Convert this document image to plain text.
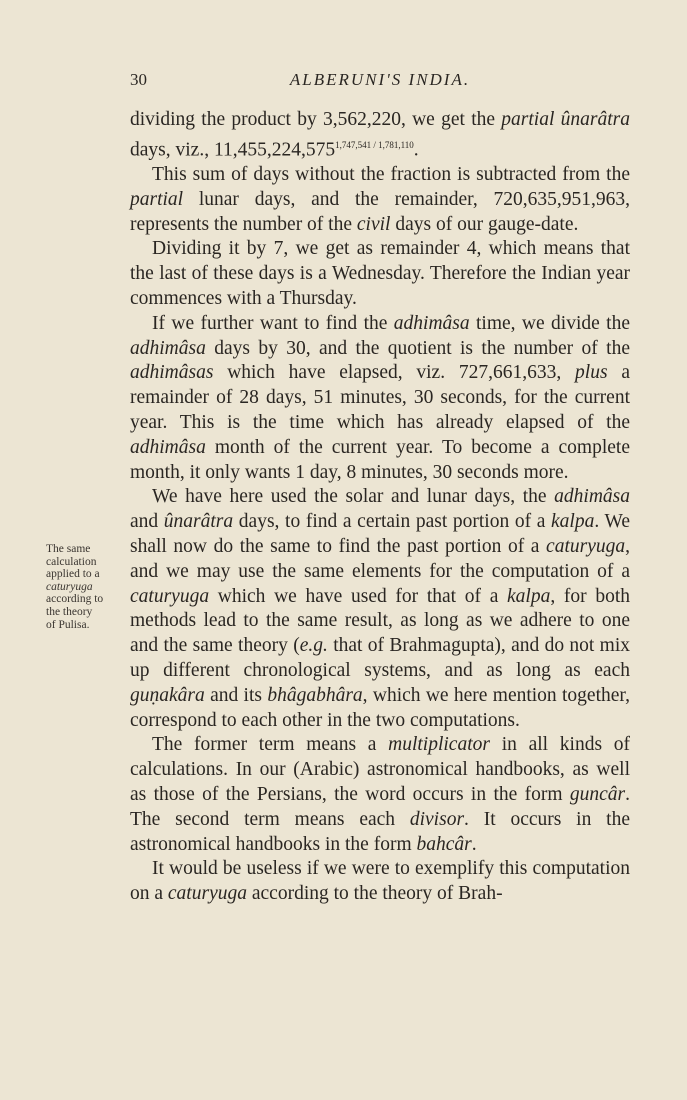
30	ALBERUNI'S INDIA.
The same
calculation
applied to a
caturyuga
according to
the theory
of Pulisa.

dividing the product by 3,562,220, we get the partial ûnarâtra days, viz., $11,455,224,575^{1,747,541 / 1,781,110}$.

This sum of days without the fraction is subtracted from the partial lunar days, and the remainder, 720,635,951,963, represents the number of the civil days of our gauge-date.

Dividing it by 7, we get as remainder 4, which means that the last of these days is a Wednesday. Therefore the Indian year commences with a Thursday.

If we further want to find the adhimâsa time, we divide the adhimâsa days by 30, and the quotient is the number of the adhimâsas which have elapsed, viz. 727,661,633, plus a remainder of 28 days, 51 minutes, 30 seconds, for the current year. This is the time which has already elapsed of the adhimâsa month of the current year. To become a complete month, it only wants 1 day, 8 minutes, 30 seconds more.

We have here used the solar and lunar days, the adhimâsa and ûnarâtra days, to find a certain past portion of a kalpa. We shall now do the same to find the past portion of a caturyuga, and we may use the same elements for the computation of a caturyuga which we have used for that of a kalpa, for both methods lead to the same result, as long as we adhere to one and the same theory (e.g. that of Brahmagupta), and do not mix up different chronological systems, and as long as each guṇakâra and its bhâgabhâra, which we here mention together, correspond to each other in the two computations.

The former term means a multiplicator in all kinds of calculations. In our (Arabic) astronomical handbooks, as well as those of the Persians, the word occurs in the form guncâr. The second term means each divisor. It occurs in the astronomical handbooks in the form bahcâr.

It would be useless if we were to exemplify this computation on a caturyuga according to the theory of Brah-
